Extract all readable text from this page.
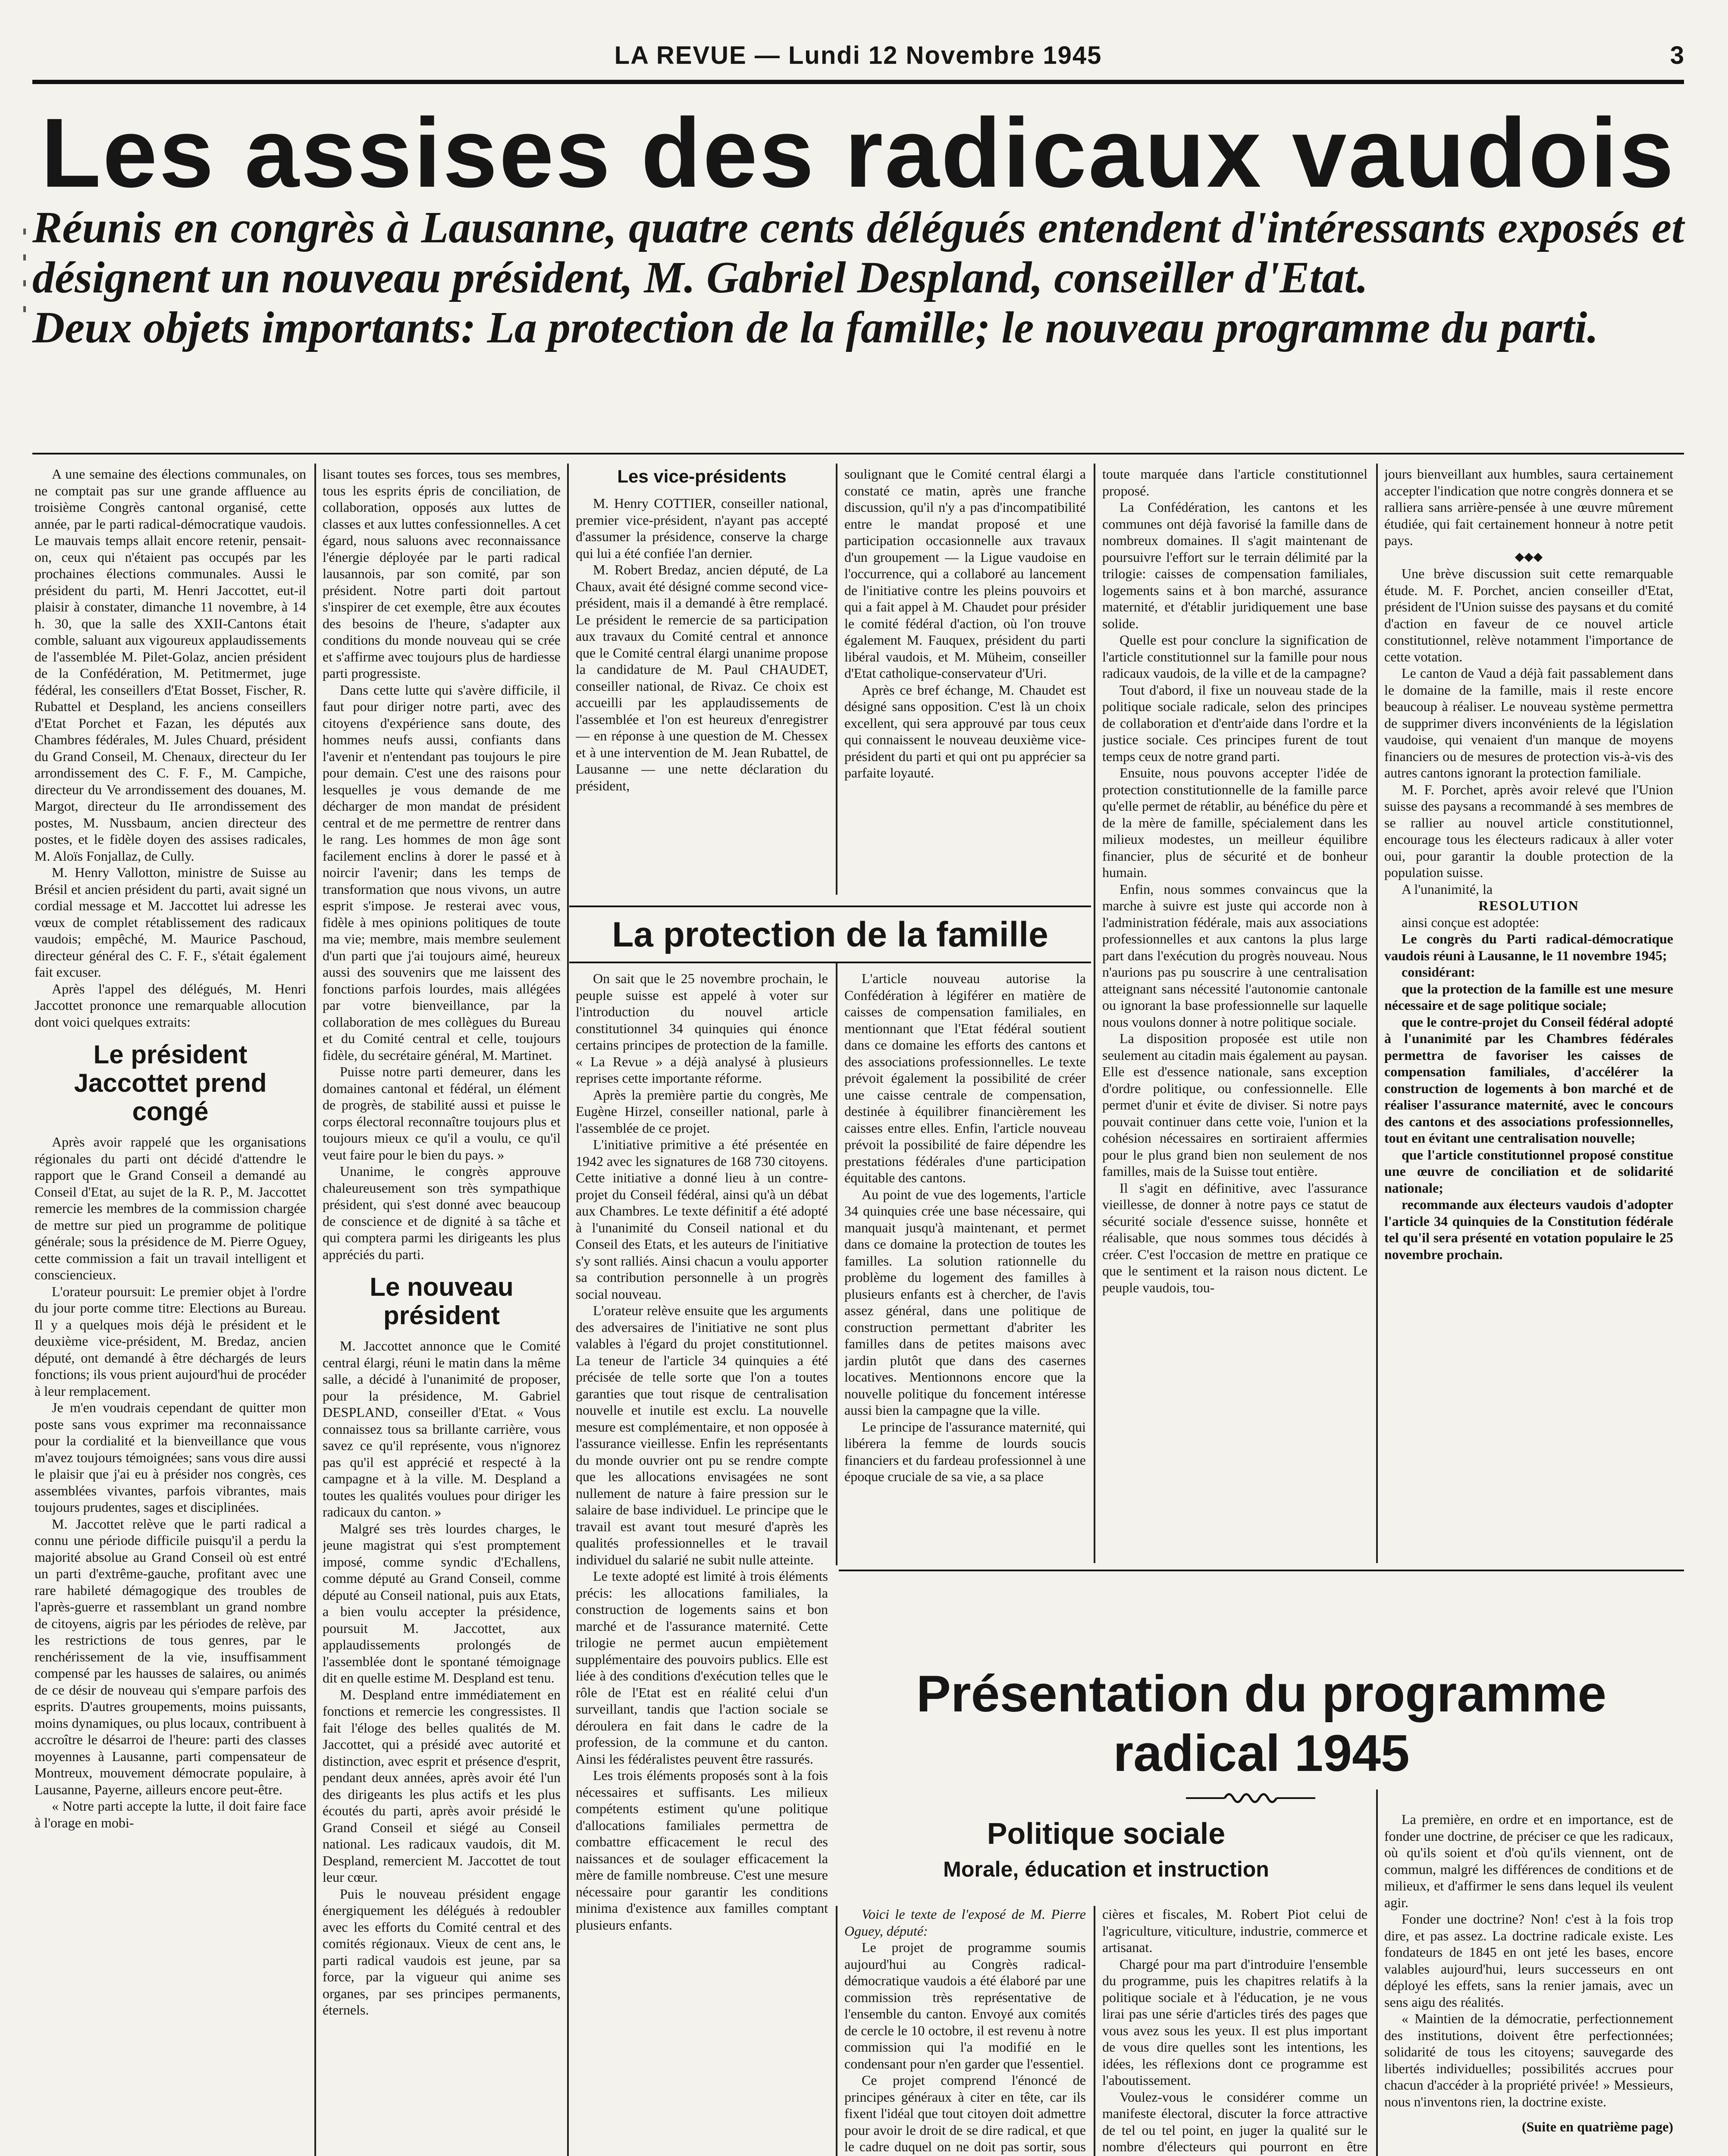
LA REVUE — Lundi 12 Novembre 1945	3
Les assises des radicaux vaudois

Réunis en congrès à Lausanne, quatre cents délégués entendent d'intéressants exposés et désignent un nouveau président, M. Gabriel Despland, conseiller d'Etat.

Deux objets importants: La protection de la famille; le nouveau programme du parti.

A une semaine des élections communales, on ne comptait pas sur une grande affluence au troisième Congrès cantonal organisé, cette année, par le parti radical-démocratique vaudois. Le mauvais temps allait encore retenir, pensait-on, ceux qui n'étaient pas occupés par les prochaines élections communales. Aussi le président du parti, M. Henri Jaccottet, eut-il plaisir à constater, dimanche 11 novembre, à 14 h. 30, que la salle des XXII-Cantons était comble, saluant aux vigoureux applaudissements de l'assemblée M. Pilet-Golaz, ancien président de la Confédération, M. Petitmermet, juge fédéral, les conseillers d'Etat Bosset, Fischer, R. Rubattel et Despland, les anciens conseillers d'Etat Porchet et Fazan, les députés aux Chambres fédérales, M. Jules Chuard, président du Grand Conseil, M. Chenaux, directeur du Ier arrondissement des C. F. F., M. Campiche, directeur du Ve arrondissement des douanes, M. Margot, directeur du IIe arrondissement des postes, M. Nussbaum, ancien directeur des postes, et le fidèle doyen des assises radicales, M. Aloïs Fonjallaz, de Cully.

M. Henry Vallotton, ministre de Suisse au Brésil et ancien président du parti, avait signé un cordial message et M. Jaccottet lui adresse les vœux de complet rétablissement des radicaux vaudois; empêché, M. Maurice Paschoud, directeur général des C. F. F., s'était également fait excuser.

Après l'appel des délégués, M. Henri Jaccottet prononce une remarquable allocution dont voici quelques extraits:

Le président Jaccottet prend congé

Après avoir rappelé que les organisations régionales du parti ont décidé d'attendre le rapport que le Grand Conseil a demandé au Conseil d'Etat, au sujet de la R. P., M. Jaccottet remercie les membres de la commission chargée de mettre sur pied un programme de politique générale; sous la présidence de M. Pierre Oguey, cette commission a fait un travail intelligent et consciencieux.

L'orateur poursuit: Le premier objet à l'ordre du jour porte comme titre: Elections au Bureau. Il y a quelques mois déjà le président et le deuxième vice-président, M. Bredaz, ancien député, ont demandé à être déchargés de leurs fonctions; ils vous prient aujourd'hui de procéder à leur remplacement.

Je m'en voudrais cependant de quitter mon poste sans vous exprimer ma reconnaissance pour la cordialité et la bienveillance que vous m'avez toujours témoignées; sans vous dire aussi le plaisir que j'ai eu à présider nos congrès, ces assemblées vivantes, parfois vibrantes, mais toujours prudentes, sages et disciplinées.

M. Jaccottet relève que le parti radical a connu une période difficile puisqu'il a perdu la majorité absolue au Grand Conseil où est entré un parti d'extrême-gauche, profitant avec une rare habileté démagogique des troubles de l'après-guerre et rassemblant un grand nombre de citoyens, aigris par les périodes de relève, par les restrictions de tous genres, par le renchérissement de la vie, insuffisamment compensé par les hausses de salaires, ou animés de ce désir de nouveau qui s'empare parfois des esprits. D'autres groupements, moins puissants, moins dynamiques, ou plus locaux, contribuent à accroître le désarroi de l'heure: parti des classes moyennes à Lausanne, parti compensateur de Montreux, mouvement démocrate populaire, à Lausanne, Payerne, ailleurs encore peut-être.

« Notre parti accepte la lutte, il doit faire face à l'orage en mobi-

lisant toutes ses forces, tous ses membres, tous les esprits épris de conciliation, de collaboration, opposés aux luttes de classes et aux luttes confessionnelles. A cet égard, nous saluons avec reconnaissance l'énergie déployée par le parti radical lausannois, par son comité, par son président. Notre parti doit partout s'inspirer de cet exemple, être aux écoutes des besoins de l'heure, s'adapter aux conditions du monde nouveau qui se crée et s'affirme avec toujours plus de hardiesse parti progressiste.

Dans cette lutte qui s'avère difficile, il faut pour diriger notre parti, avec des citoyens d'expérience sans doute, des hommes neufs aussi, confiants dans l'avenir et n'entendant pas toujours le pire pour demain. C'est une des raisons pour lesquelles je vous demande de me décharger de mon mandat de président central et de me permettre de rentrer dans le rang. Les hommes de mon âge sont facilement enclins à dorer le passé et à noircir l'avenir; dans les temps de transformation que nous vivons, un autre esprit s'impose. Je resterai avec vous, fidèle à mes opinions politiques de toute ma vie; membre, mais membre seulement d'un parti que j'ai toujours aimé, heureux aussi des souvenirs que me laissent des fonctions parfois lourdes, mais allégées par votre bienveillance, par la collaboration de mes collègues du Bureau et du Comité central et celle, toujours fidèle, du secrétaire général, M. Martinet.

Puisse notre parti demeurer, dans les domaines cantonal et fédéral, un élément de progrès, de stabilité aussi et puisse le corps électoral reconnaître toujours plus et toujours mieux ce qu'il a voulu, ce qu'il veut faire pour le bien du pays. »

Unanime, le congrès approuve chaleureusement son très sympathique président, qui s'est donné avec beaucoup de conscience et de dignité à sa tâche et qui comptera parmi les dirigeants les plus appréciés du parti.

Le nouveau président

M. Jaccottet annonce que le Comité central élargi, réuni le matin dans la même salle, a décidé à l'unanimité de proposer, pour la présidence, M. Gabriel DESPLAND, conseiller d'Etat. « Vous connaissez tous sa brillante carrière, vous savez ce qu'il représente, vous n'ignorez pas qu'il est apprécié et respecté à la campagne et à la ville. M. Despland a toutes les qualités voulues pour diriger les radicaux du canton. »

Malgré ses très lourdes charges, le jeune magistrat qui s'est promptement imposé, comme syndic d'Echallens, comme député au Grand Conseil, comme député au Conseil national, puis aux Etats, a bien voulu accepter la présidence, poursuit M. Jaccottet, aux applaudissements prolongés de l'assemblée dont le spontané témoignage dit en quelle estime M. Despland est tenu.

M. Despland entre immédiatement en fonctions et remercie les congressistes. Il fait l'éloge des belles qualités de M. Jaccottet, qui a présidé avec autorité et distinction, avec esprit et présence d'esprit, pendant deux années, après avoir été l'un des dirigeants les plus actifs et les plus écoutés du parti, après avoir présidé le Grand Conseil et siégé au Conseil national. Les radicaux vaudois, dit M. Despland, remercient M. Jaccottet de tout leur cœur.

Puis le nouveau président engage énergiquement les délégués à redoubler avec les efforts du Comité central et des comités régionaux. Vieux de cent ans, le parti radical vaudois est jeune, par sa force, par la vigueur qui anime ses organes, par ses principes permanents, éternels.

Les vice-présidents

M. Henry COTTIER, conseiller national, premier vice-président, n'ayant pas accepté d'assumer la présidence, conserve la charge qui lui a été confiée l'an dernier.

M. Robert Bredaz, ancien député, de La Chaux, avait été désigné comme second vice-président, mais il a demandé à être remplacé. Le président le remercie de sa participation aux travaux du Comité central et annonce que le Comité central élargi unanime propose la candidature de M. Paul CHAUDET, conseiller national, de Rivaz. Ce choix est accueilli par les applaudissements de l'assemblée et l'on est heureux d'enregistrer — en réponse à une question de M. Chessex et à une intervention de M. Jean Rubattel, de Lausanne — une nette déclaration du président,

soulignant que le Comité central élargi a constaté ce matin, après une franche discussion, qu'il n'y a pas d'incompatibilité entre le mandat proposé et une participation occasionnelle aux travaux d'un groupement — la Ligue vaudoise en l'occurrence, qui a collaboré au lancement de l'initiative contre les pleins pouvoirs et qui a fait appel à M. Chaudet pour présider le comité fédéral d'action, où l'on trouve également M. Fauquex, président du parti libéral vaudois, et M. Müheim, conseiller d'Etat catholique-conservateur d'Uri.

Après ce bref échange, M. Chaudet est désigné sans opposition. C'est là un choix excellent, qui sera approuvé par tous ceux qui connaissent le nouveau deuxième vice-président du parti et qui ont pu apprécier sa parfaite loyauté.

toute marquée dans l'article constitutionnel proposé.

La Confédération, les cantons et les communes ont déjà favorisé la famille dans de nombreux domaines. Il s'agit maintenant de poursuivre l'effort sur le terrain délimité par la trilogie: caisses de compensation familiales, logements sains et à bon marché, assurance maternité, et d'établir juridiquement une base solide.

Quelle est pour conclure la signification de l'article constitutionnel sur la famille pour nous radicaux vaudois, de la ville et de la campagne?

Tout d'abord, il fixe un nouveau stade de la politique sociale radicale, selon des principes de collaboration et d'entr'aide dans l'ordre et la justice sociale. Ces principes furent de tout temps ceux de notre grand parti.

Ensuite, nous pouvons accepter l'idée de protection constitutionnelle de la famille parce qu'elle permet de rétablir, au bénéfice du père et de la mère de famille, spécialement dans les milieux modestes, un meilleur équilibre financier, plus de sécurité et de bonheur humain.

Enfin, nous sommes convaincus que la marche à suivre est juste qui accorde non à l'administration fédérale, mais aux associations professionnelles et aux cantons la plus large part dans l'exécution du progrès nouveau. Nous n'aurions pas pu souscrire à une centralisation atteignant sans nécessité l'autonomie cantonale ou ignorant la base professionnelle sur laquelle nous voulons donner à notre politique sociale.

La disposition proposée est utile non seulement au citadin mais également au paysan. Elle est d'essence nationale, sans exception d'ordre politique, ou confessionnelle. Elle permet d'unir et évite de diviser. Si notre pays pouvait continuer dans cette voie, l'union et la cohésion nécessaires en sortiraient affermies pour le plus grand bien non seulement de nos familles, mais de la Suisse tout entière.

Il s'agit en définitive, avec l'assurance vieillesse, de donner à notre pays ce statut de sécurité sociale d'essence suisse, honnête et réalisable, que nous sommes tous décidés à créer. C'est l'occasion de mettre en pratique ce que le sentiment et la raison nous dictent. Le peuple vaudois, tou-

jours bienveillant aux humbles, saura certainement accepter l'indication que notre congrès donnera et se ralliera sans arrière-pensée à une œuvre mûrement étudiée, qui fait certainement honneur à notre petit pays.

◆◆◆

Une brève discussion suit cette remarquable étude. M. F. Porchet, ancien conseiller d'Etat, président de l'Union suisse des paysans et du comité d'action en faveur de ce nouvel article constitutionnel, relève notamment l'importance de cette votation.

Le canton de Vaud a déjà fait passablement dans le domaine de la famille, mais il reste encore beaucoup à réaliser. Le nouveau système permettra de supprimer divers inconvénients de la législation vaudoise, qui venaient d'un manque de moyens financiers ou de mesures de protection vis-à-vis des autres cantons ignorant la protection familiale.

M. F. Porchet, après avoir relevé que l'Union suisse des paysans a recommandé à ses membres de se rallier au nouvel article constitutionnel, encourage tous les électeurs radicaux à aller voter oui, pour garantir la double protection de la population suisse.

A l'unanimité, la

RESOLUTION

ainsi conçue est adoptée:

Le congrès du Parti radical-démocratique vaudois réuni à Lausanne, le 11 novembre 1945;

considérant:

que la protection de la famille est une mesure nécessaire et de sage politique sociale;

que le contre-projet du Conseil fédéral adopté à l'unanimité par les Chambres fédérales permettra de favoriser les caisses de compensation familiales, d'accélérer la construction de logements à bon marché et de réaliser l'assurance maternité, avec le concours des cantons et des associations professionnelles, tout en évitant une centralisation nouvelle;

que l'article constitutionnel proposé constitue une œuvre de conciliation et de solidarité nationale;

recommande aux électeurs vaudois d'adopter l'article 34 quinquies de la Constitution fédérale tel qu'il sera présenté en votation populaire le 25 novembre prochain.

La protection de la famille

On sait que le 25 novembre prochain, le peuple suisse est appelé à voter sur l'introduction du nouvel article constitutionnel 34 quinquies qui énonce certains principes de protection de la famille. « La Revue » a déjà analysé à plusieurs reprises cette importante réforme.

Après la première partie du congrès, Me Eugène Hirzel, conseiller national, parle à l'assemblée de ce projet.

L'initiative primitive a été présentée en 1942 avec les signatures de 168 730 citoyens. Cette initiative a donné lieu à un contre-projet du Conseil fédéral, ainsi qu'à un débat aux Chambres. Le texte définitif a été adopté à l'unanimité du Conseil national et du Conseil des Etats, et les auteurs de l'initiative s'y sont ralliés. Ainsi chacun a voulu apporter sa contribution personnelle à un progrès social nouveau.

L'orateur relève ensuite que les arguments des adversaires de l'initiative ne sont plus valables à l'égard du projet constitutionnel. La teneur de l'article 34 quinquies a été précisée de telle sorte que l'on a toutes garanties que tout risque de centralisation nouvelle et inutile est exclu. La nouvelle mesure est complémentaire, et non opposée à l'assurance vieillesse. Enfin les représentants du monde ouvrier ont pu se rendre compte que les allocations envisagées ne sont nullement de nature à faire pression sur le salaire de base individuel. Le principe que le travail est avant tout mesuré d'après les qualités professionnelles et le travail individuel du salarié ne subit nulle atteinte.

Le texte adopté est limité à trois éléments précis: les allocations familiales, la construction de logements sains et bon marché et de l'assurance maternité. Cette trilogie ne permet aucun empiètement supplémentaire des pouvoirs publics. Elle est liée à des conditions d'exécution telles que le rôle de l'Etat est en réalité celui d'un surveillant, tandis que l'action sociale se déroulera en fait dans le cadre de la profession, de la commune et du canton. Ainsi les fédéralistes peuvent être rassurés.

Les trois éléments proposés sont à la fois nécessaires et suffisants. Les milieux compétents estiment qu'une politique d'allocations familiales permettra de combattre efficacement le recul des naissances et de soulager efficacement la mère de famille nombreuse. C'est une mesure nécessaire pour garantir les conditions minima d'existence aux familles comptant plusieurs enfants.

L'article nouveau autorise la Confédération à légiférer en matière de caisses de compensation familiales, en mentionnant que l'Etat fédéral soutient dans ce domaine les efforts des cantons et des associations professionnelles. Le texte prévoit également la possibilité de créer une caisse centrale de compensation, destinée à équilibrer financièrement les caisses entre elles. Enfin, l'article nouveau prévoit la possibilité de faire dépendre les prestations fédérales d'une participation équitable des cantons.

Au point de vue des logements, l'article 34 quinquies crée une base nécessaire, qui manquait jusqu'à maintenant, et permet dans ce domaine la protection de toutes les familles. La solution rationnelle du problème du logement des familles à plusieurs enfants est à chercher, de l'avis assez général, dans une politique de construction permettant d'abriter les familles dans de petites maisons avec jardin plutôt que dans des casernes locatives. Mentionnons encore que la nouvelle politique du foncement intéresse aussi bien la campagne que la ville.

Le principe de l'assurance maternité, qui libérera la femme de lourds soucis financiers et du fardeau professionnel à une époque cruciale de sa vie, a sa place

Présentation du programme
radical 1945
Politique sociale
Morale, éducation et instruction

Voici le texte de l'exposé de M. Pierre Oguey, député:

Le projet de programme soumis aujourd'hui au Congrès radical-démocratique vaudois a été élaboré par une commission très représentative de l'ensemble du canton. Envoyé aux comités de cercle le 10 octobre, il est revenu à notre commission qui l'a modifié en le condensant pour n'en garder que l'essentiel.

Ce projet comprend l'énoncé de principes généraux à citer en tête, car ils fixent l'idéal que tout citoyen doit admettre pour avoir le droit de se dire radical, et que le cadre duquel on ne doit pas sortir, sous

cières et fiscales, M. Robert Piot celui de l'agriculture, viticulture, industrie, commerce et artisanat.

Chargé pour ma part d'introduire l'ensemble du programme, puis les chapitres relatifs à la politique sociale et à l'éducation, je ne vous lirai pas une série d'articles tirés des pages que vous avez sous les yeux. Il est plus important de vous dire quelles sont les intentions, les idées, les réflexions dont ce programme est l'aboutissement.

Voulez-vous le considérer comme un manifeste électoral, discuter la force attractive de tel ou tel point, en juger la qualité sur le nombre d'électeurs qui pourront en être

La première, en ordre et en importance, est de fonder une doctrine, de préciser ce que les radicaux, où qu'ils soient et d'où qu'ils viennent, ont de commun, malgré les différences de conditions et de milieux, et d'affirmer le sens dans lequel ils veulent agir.

Fonder une doctrine? Non! c'est à la fois trop dire, et pas assez. La doctrine radicale existe. Les fondateurs de 1845 en ont jeté les bases, encore valables aujourd'hui, leurs successeurs en ont déployé les effets, sans la renier jamais, avec un sens aigu des réalités.

« Maintien de la démocratie, perfectionnement des institutions, doivent être perfectionnées; solidarité de tous les citoyens; sauvegarde des libertés individuelles; possibilités accrues pour chacun d'accéder à la propriété privée! » Messieurs, nous n'inventons rien, la doctrine existe.

(Suite en quatrième page)
